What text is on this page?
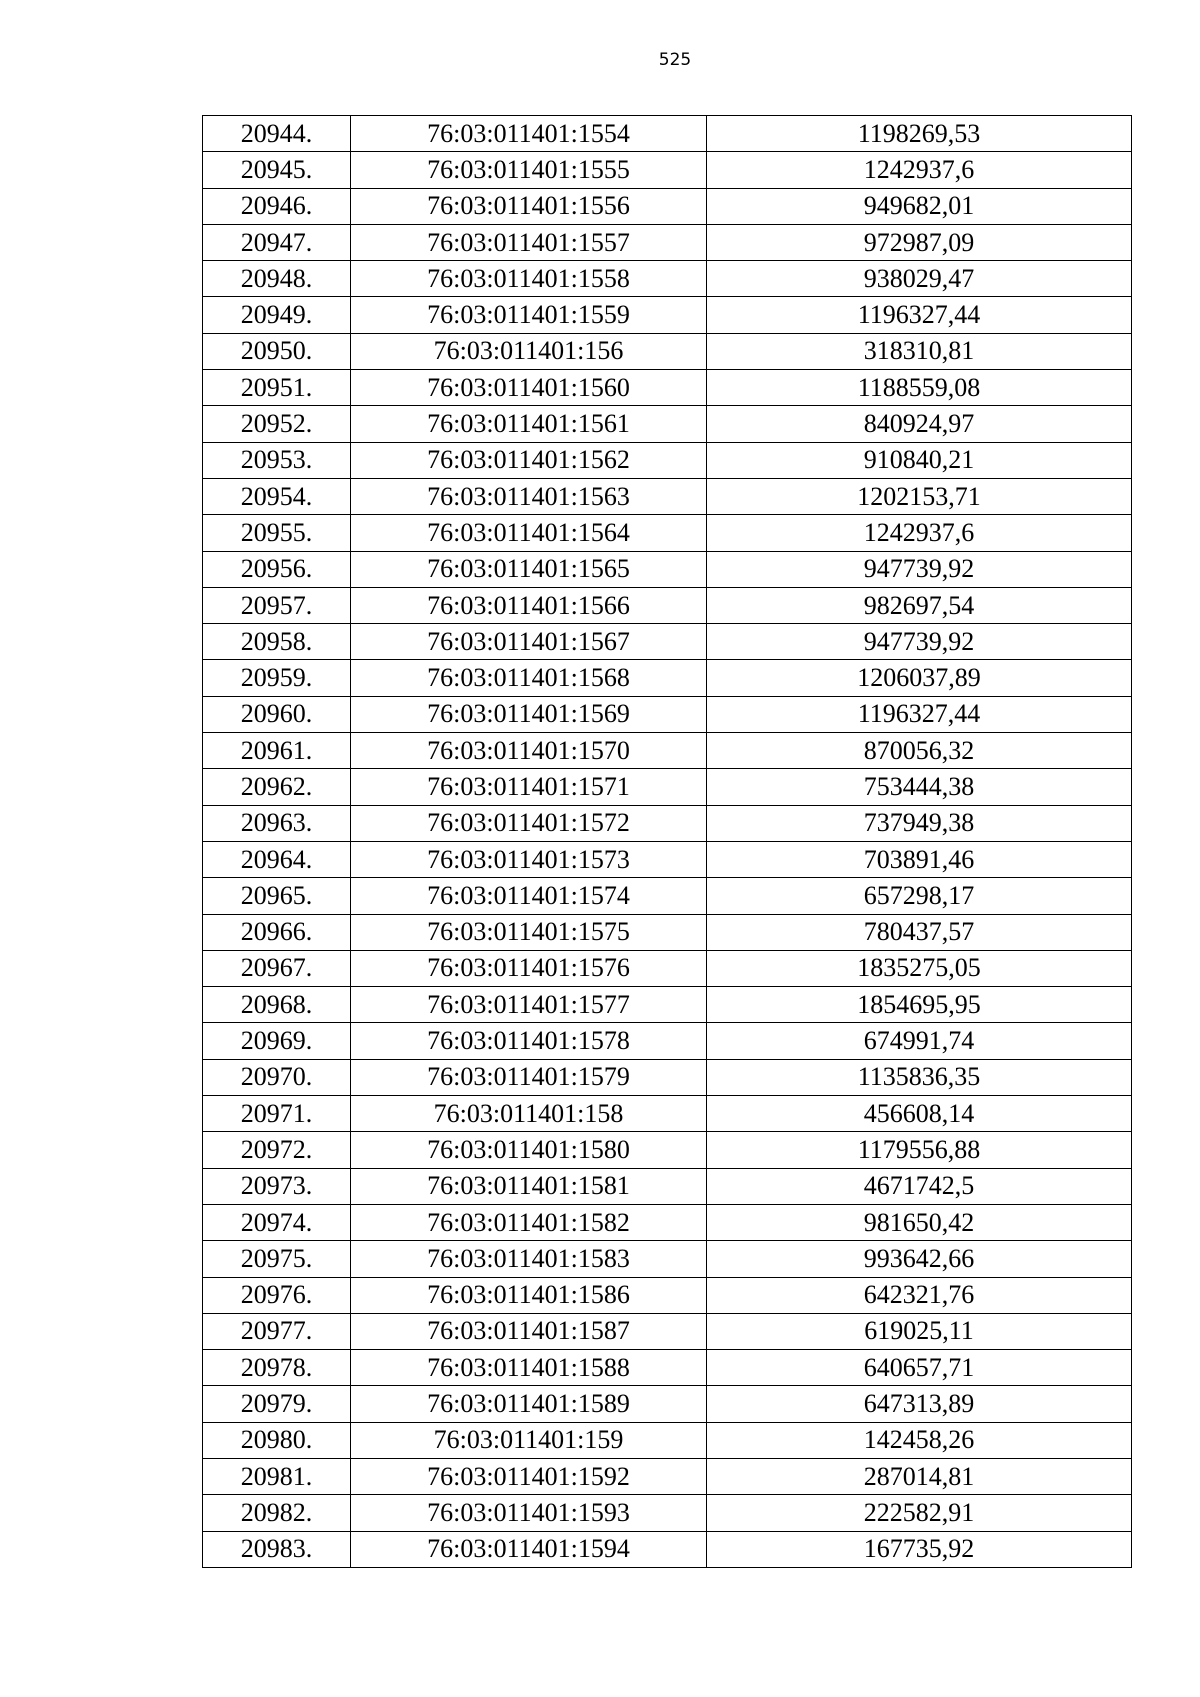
525
20944.	76:03:011401:1554	1198269,53
20945.	76:03:011401:1555	1242937,6
20946.	76:03:011401:1556	949682,01
20947.	76:03:011401:1557	972987,09
20948.	76:03:011401:1558	938029,47
20949.	76:03:011401:1559	1196327,44
20950.	76:03:011401:156	318310,81
20951.	76:03:011401:1560	1188559,08
20952.	76:03:011401:1561	840924,97
20953.	76:03:011401:1562	910840,21
20954.	76:03:011401:1563	1202153,71
20955.	76:03:011401:1564	1242937,6
20956.	76:03:011401:1565	947739,92
20957.	76:03:011401:1566	982697,54
20958.	76:03:011401:1567	947739,92
20959.	76:03:011401:1568	1206037,89
20960.	76:03:011401:1569	1196327,44
20961.	76:03:011401:1570	870056,32
20962.	76:03:011401:1571	753444,38
20963.	76:03:011401:1572	737949,38
20964.	76:03:011401:1573	703891,46
20965.	76:03:011401:1574	657298,17
20966.	76:03:011401:1575	780437,57
20967.	76:03:011401:1576	1835275,05
20968.	76:03:011401:1577	1854695,95
20969.	76:03:011401:1578	674991,74
20970.	76:03:011401:1579	1135836,35
20971.	76:03:011401:158	456608,14
20972.	76:03:011401:1580	1179556,88
20973.	76:03:011401:1581	4671742,5
20974.	76:03:011401:1582	981650,42
20975.	76:03:011401:1583	993642,66
20976.	76:03:011401:1586	642321,76
20977.	76:03:011401:1587	619025,11
20978.	76:03:011401:1588	640657,71
20979.	76:03:011401:1589	647313,89
20980.	76:03:011401:159	142458,26
20981.	76:03:011401:1592	287014,81
20982.	76:03:011401:1593	222582,91
20983.	76:03:011401:1594	167735,92
